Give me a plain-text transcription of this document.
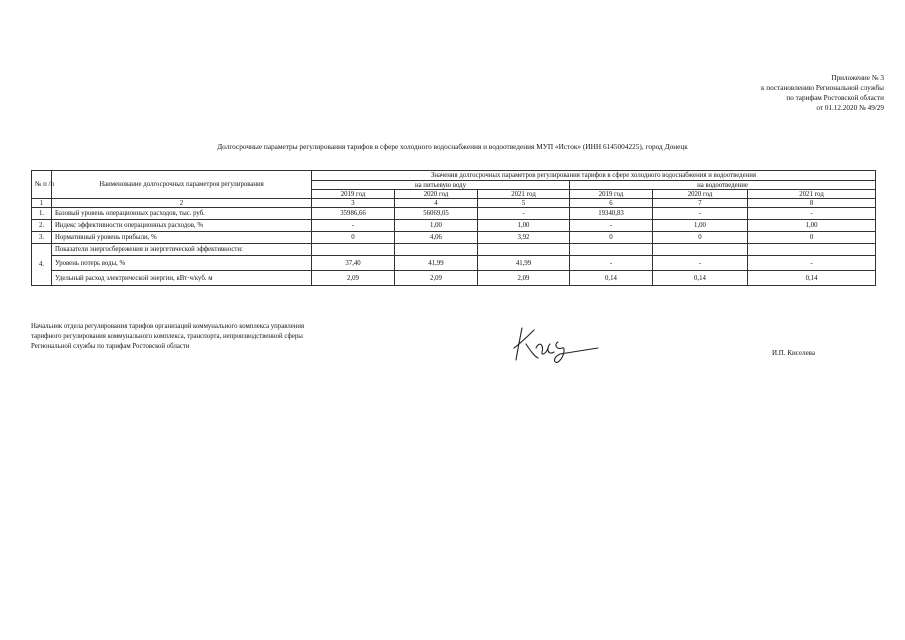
Приложение № 3
к постановлению Региональной службы
по тарифам Ростовской области
от 01.12.2020 № 49/29
Долгосрочные параметры регулирования тарифов в сфере холодного водоснабжения и водоотведения МУП «Исток» (ИНН 6145004225), город Донецк
№ п /п	Наименование долгосрочных параметров регулирования	Значения долгосрочных параметров регулирования тарифов в сфере холодного водоснабжения и водоотведения					
		на питьевую воду			на водоотведение		
		2019 год	2020 год	2021 год	2019 год	2020 год	2021 год
1	2	3	4	5	6	7	8
1.	Базовый уровень операционных расходов, тыс. руб.	35986,66	56069,05	-	19340,83	-	-
2.	Индекс эффективности операционных расходов, %	-	1,00	1,00	-	1,00	1,00
3.	Нормативный уровень прибыли, %	0	4,06	3,92	0	0	0
4.	Показатели энергосбережения и энергетической эффективности:						
	Уровень потерь воды, %	37,40	41,99	41,99	-	-	-
	Удельный расход электрической энергии, кВт·ч/куб. м	2,09	2,09	2,09	0,14	0,14	0,14
Начальник отдела регулирования тарифов организаций коммунального комплекса управления
тарифного регулирования коммунального комплекса, транспорта, непроизводственной сферы
Региональной службы по тарифам Ростовской области
И.П. Киселева
